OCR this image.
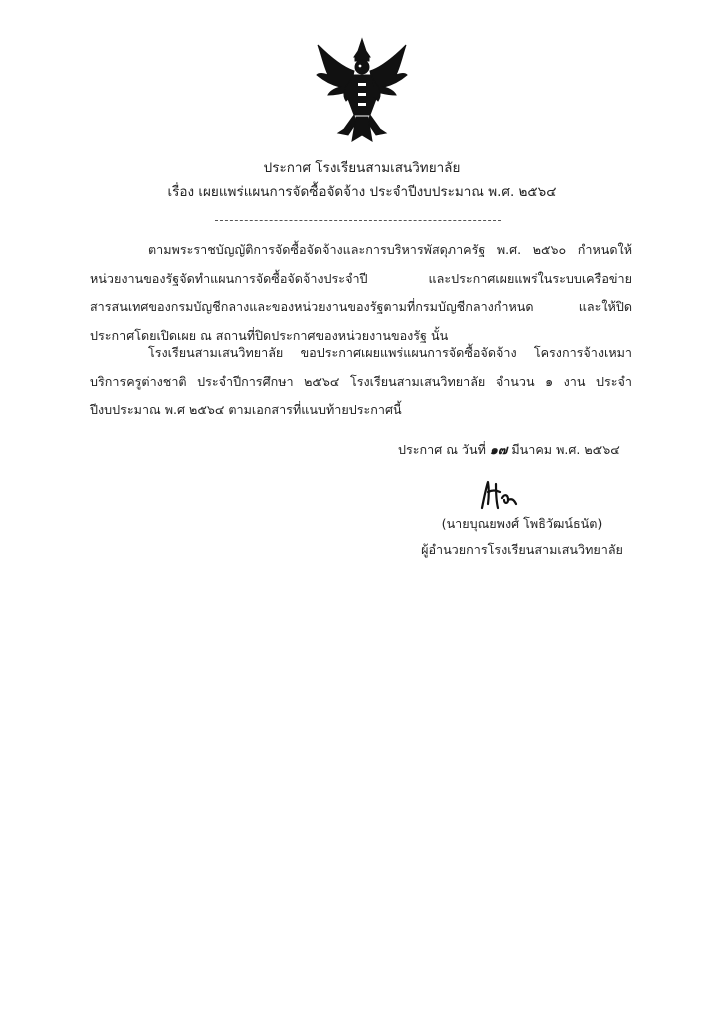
ประกาศ โรงเรียนสามเสนวิทยาลัย
เรื่อง เผยแพร่แผนการจัดซื้อจัดจ้าง ประจำปีงบประมาณ พ.ศ. ๒๕๖๔

ตามพระราชบัญญัติการจัดซื้อจัดจ้างและการบริหารพัสดุภาครัฐ พ.ศ. ๒๕๖๐ กำหนดให้หน่วยงานของรัฐจัดทำแผนการจัดซื้อจัดจ้างประจำปี และประกาศเผยแพร่ในระบบเครือข่ายสารสนเทศของกรมบัญชีกลางและของหน่วยงานของรัฐตามที่กรมบัญชีกลางกำหนด และให้ปิดประกาศโดยเปิดเผย ณ สถานที่ปิดประกาศของหน่วยงานของรัฐ นั้น

โรงเรียนสามเสนวิทยาลัย ขอประกาศเผยแพร่แผนการจัดซื้อจัดจ้าง โครงการจ้างเหมาบริการครูต่างชาติ ประจำปีการศึกษา ๒๕๖๔ โรงเรียนสามเสนวิทยาลัย จำนวน ๑ งาน ประจำปีงบประมาณ พ.ศ ๒๕๖๔ ตามเอกสารที่แนบท้ายประกาศนี้

ประกาศ ณ วันที่ ๑๗ มีนาคม พ.ศ. ๒๕๖๔
(นายบุณยพงศ์ โพธิวัฒน์ธนัต)
ผู้อำนวยการโรงเรียนสามเสนวิทยาลัย
